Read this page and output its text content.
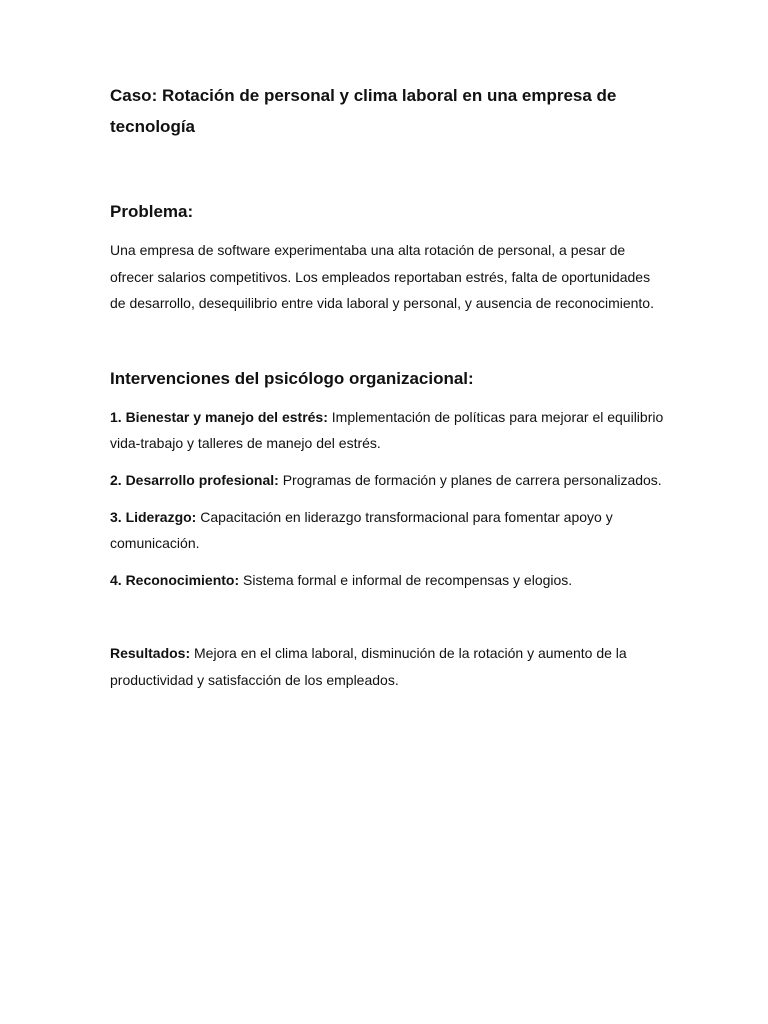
Caso: Rotación de personal y clima laboral en una empresa de tecnología
Problema:

Una empresa de software experimentaba una alta rotación de personal, a pesar de ofrecer salarios competitivos. Los empleados reportaban estrés, falta de oportunidades de desarrollo, desequilibrio entre vida laboral y personal, y ausencia de reconocimiento.

Intervenciones del psicólogo organizacional:

1. Bienestar y manejo del estrés: Implementación de políticas para mejorar el equilibrio vida-trabajo y talleres de manejo del estrés.

2. Desarrollo profesional: Programas de formación y planes de carrera personalizados.

3. Liderazgo: Capacitación en liderazgo transformacional para fomentar apoyo y comunicación.

4. Reconocimiento: Sistema formal e informal de recompensas y elogios.

Resultados: Mejora en el clima laboral, disminución de la rotación y aumento de la productividad y satisfacción de los empleados.
